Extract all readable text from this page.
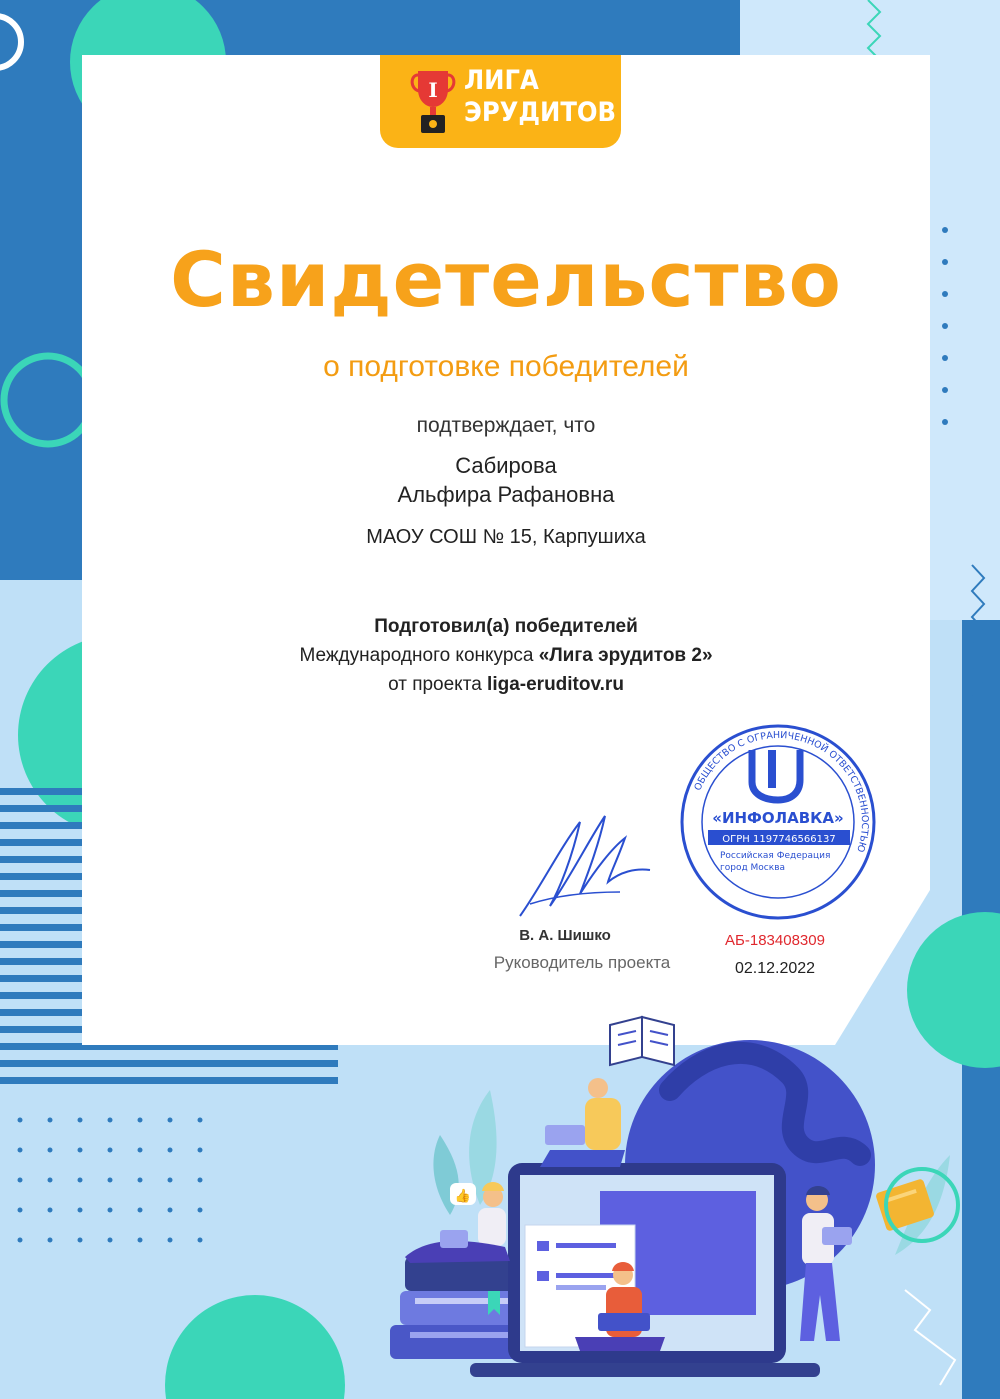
I ЛИГА
ЭРУДИТОВ
Свидетельство
о подготовке победителей
подтверждает, что
Сабирова
Альфира Рафановна
МАОУ СОШ № 15, Карпушиха
Подготовил(а) победителей
Международного конкурса «Лига эрудитов 2»
от проекта liga-eruditov.ru
В. А. Шишко
Руководитель проекта
ОБЩЕСТВО С ОГРАНИЧЕННОЙ ОТВЕТСТВЕННОСТЬЮ
«ИНФОЛАВКА»
ОГРН 1197746566137
Российская Федерация
город Москва
АБ-183408309
02.12.2022
👍
